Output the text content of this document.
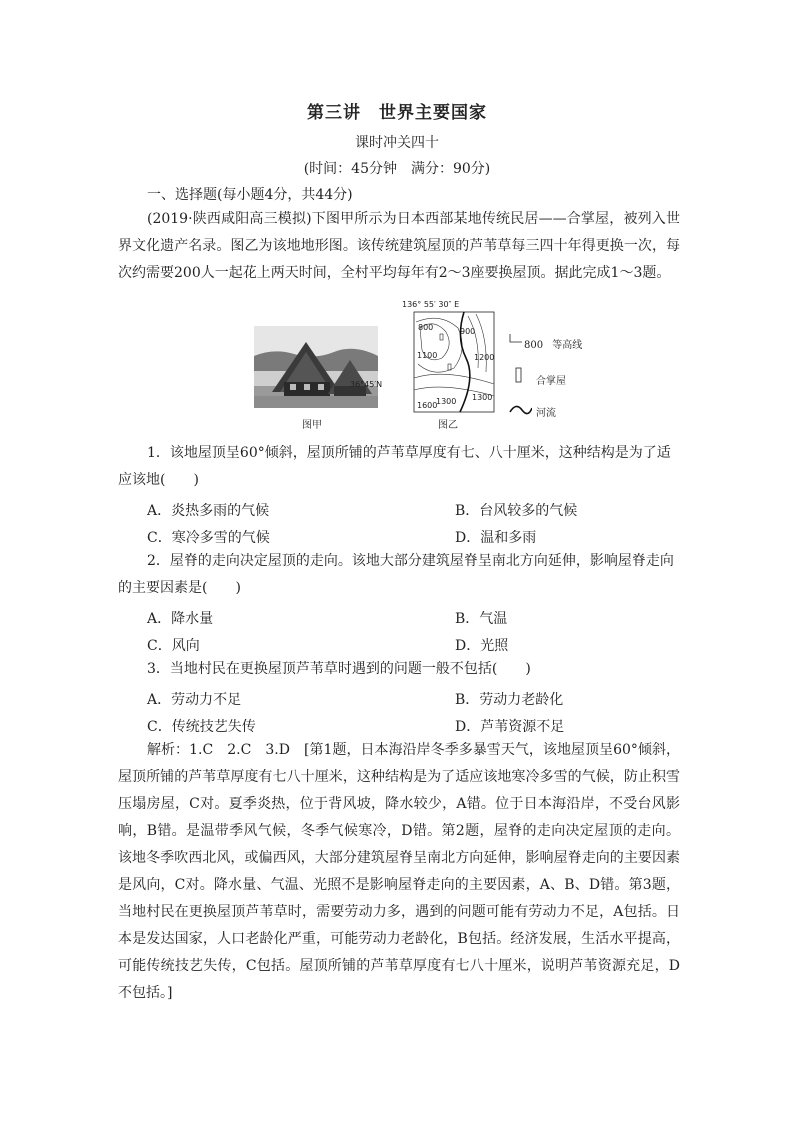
第三讲　世界主要国家
课时冲关四十
(时间：45分钟　满分：90分)
一、选择题(每小题4分，共44分)

(2019·陕西咸阳高三模拟)下图甲所示为日本西部某地传统民居——合掌屋，被列入世界文化遗产名录。图乙为该地地形图。该传统建筑屋顶的芦苇草每三四十年得更换一次，每次约需要200人一起花上两天时间，全村平均每年有2～3座要换屋顶。据此完成1～3题。

图甲
136° 55′ 30″ E
800	900
1100	1200
1300 1300
1600
36°45′N
图乙
800 等高线
合掌屋
河流

1．该地屋顶呈60°倾斜，屋顶所铺的芦苇草厚度有七、八十厘米，这种结构是为了适应该地(　　)

A．炎热多雨的气候	B．台风较多的气候
C．寒冷多雪的气候	D．温和多雨

2．屋脊的走向决定屋顶的走向。该地大部分建筑屋脊呈南北方向延伸，影响屋脊走向的主要因素是(　　)

A．降水量	B．气温
C．风向	D．光照

3．当地村民在更换屋顶芦苇草时遇到的问题一般不包括(　　)

A．劳动力不足	B．劳动力老龄化
C．传统技艺失传	D．芦苇资源不足

解析：1.C　2.C　3.D　[第1题，日本海沿岸冬季多暴雪天气，该地屋顶呈60°倾斜，屋顶所铺的芦苇草厚度有七八十厘米，这种结构是为了适应该地寒冷多雪的气候，防止积雪压塌房屋，C对。夏季炎热，位于背风坡，降水较少，A错。位于日本海沿岸，不受台风影响，B错。是温带季风气候，冬季气候寒冷，D错。第2题，屋脊的走向决定屋顶的走向。该地冬季吹西北风，或偏西风，大部分建筑屋脊呈南北方向延伸，影响屋脊走向的主要因素是风向，C对。降水量、气温、光照不是影响屋脊走向的主要因素，A、B、D错。第3题，当地村民在更换屋顶芦苇草时，需要劳动力多，遇到的问题可能有劳动力不足，A包括。日本是发达国家，人口老龄化严重，可能劳动力老龄化，B包括。经济发展，生活水平提高，可能传统技艺失传，C包括。屋顶所铺的芦苇草厚度有七八十厘米，说明芦苇资源充足，D不包括。]
